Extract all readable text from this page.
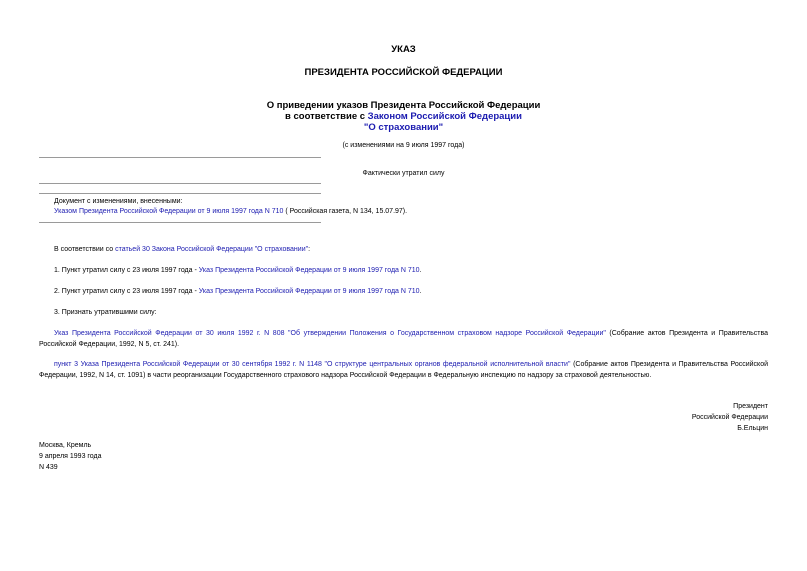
УКАЗ
ПРЕЗИДЕНТА РОССИЙСКОЙ ФЕДЕРАЦИИ
О приведении указов Президента Российской Федерации
в соответствие с Законом Российской Федерации
"О страховании"
(с изменениями на 9 июля 1997 года)
Фактически утратил силу
Документ с изменениями, внесенными:
Указом Президента Российской Федерации от 9 июля 1997 года N 710 ( Российская газета, N 134, 15.07.97).
В соответствии со статьей 30 Закона Российской Федерации "О страховании":
1. Пункт утратил силу с 23 июля 1997 года - Указ Президента Российской Федерации от 9 июля 1997 года N 710.
2. Пункт утратил силу с 23 июля 1997 года - Указ Президента Российской Федерации от 9 июля 1997 года N 710.
3. Признать утратившими силу:
Указ Президента Российской Федерации от 30 июля 1992 г. N 808 "Об утверждении Положения о Государственном страховом надзоре Российской Федерации" (Собрание актов Президента и Правительства Российской Федерации, 1992, N 5, ст. 241).
пункт 3 Указа Президента Российской Федерации от 30 сентября 1992 г. N 1148 "О структуре центральных органов федеральной исполнительной власти" (Собрание актов Президента и Правительства Российской Федерации, 1992, N 14, ст. 1091) в части реорганизации Государственного страхового надзора Российской Федерации в Федеральную инспекцию по надзору за страховой деятельностью.
Президент
Российской Федерации
Б.Ельцин
Москва, Кремль
9 апреля 1993 года
N 439
